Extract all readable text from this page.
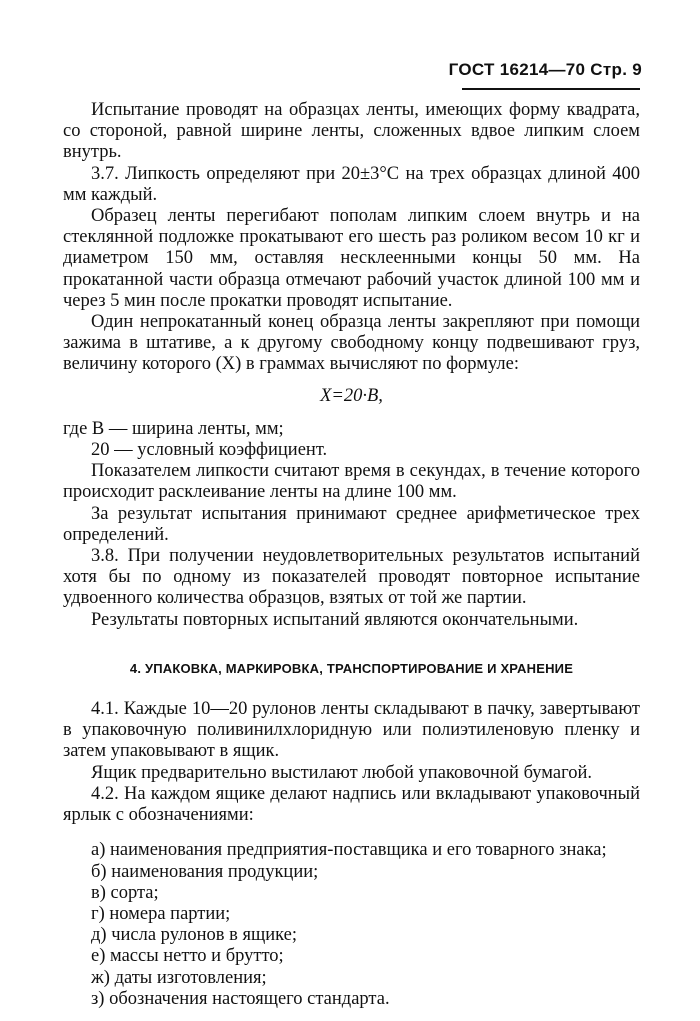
ГОСТ 16214—70 Стр. 9

Испытание проводят на образцах ленты, имеющих форму квадрата, со стороной, равной ширине ленты, сложенных вдвое липким слоем внутрь.

3.7. Липкость определяют при 20±3°C на трех образцах длиной 400 мм каждый.

Образец ленты перегибают пополам липким слоем внутрь и на стеклянной подложке прокатывают его шесть раз роликом весом 10 кг и диаметром 150 мм, оставляя несклеенными концы 50 мм. На прокатанной части образца отмечают рабочий участок длиной 100 мм и через 5 мин после прокатки проводят испытание.

Один непрокатанный конец образца ленты закрепляют при помощи зажима в штативе, а к другому свободному концу подвешивают груз, величину которого (X) в граммах вычисляют по формуле:

X=20·B,

где B — ширина ленты, мм;

20 — условный коэффициент.

Показателем липкости считают время в секундах, в течение которого происходит расклеивание ленты на длине 100 мм.

За результат испытания принимают среднее арифметическое трех определений.

3.8. При получении неудовлетворительных результатов испытаний хотя бы по одному из показателей проводят повторное испытание удвоенного количества образцов, взятых от той же партии.

Результаты повторных испытаний являются окончательными.

4. УПАКОВКА, МАРКИРОВКА, ТРАНСПОРТИРОВАНИЕ И ХРАНЕНИЕ

4.1. Каждые 10—20 рулонов ленты складывают в пачку, завертывают в упаковочную поливинилхлоридную или полиэтиленовую пленку и затем упаковывают в ящик.

Ящик предварительно выстилают любой упаковочной бумагой.

4.2. На каждом ящике делают надпись или вкладывают упаковочный ярлык с обозначениями:

а) наименования предприятия-поставщика и его товарного знака;

б) наименования продукции;

в) сорта;

г) номера партии;

д) числа рулонов в ящике;

е) массы нетто и брутто;

ж) даты изготовления;

з) обозначения настоящего стандарта.
